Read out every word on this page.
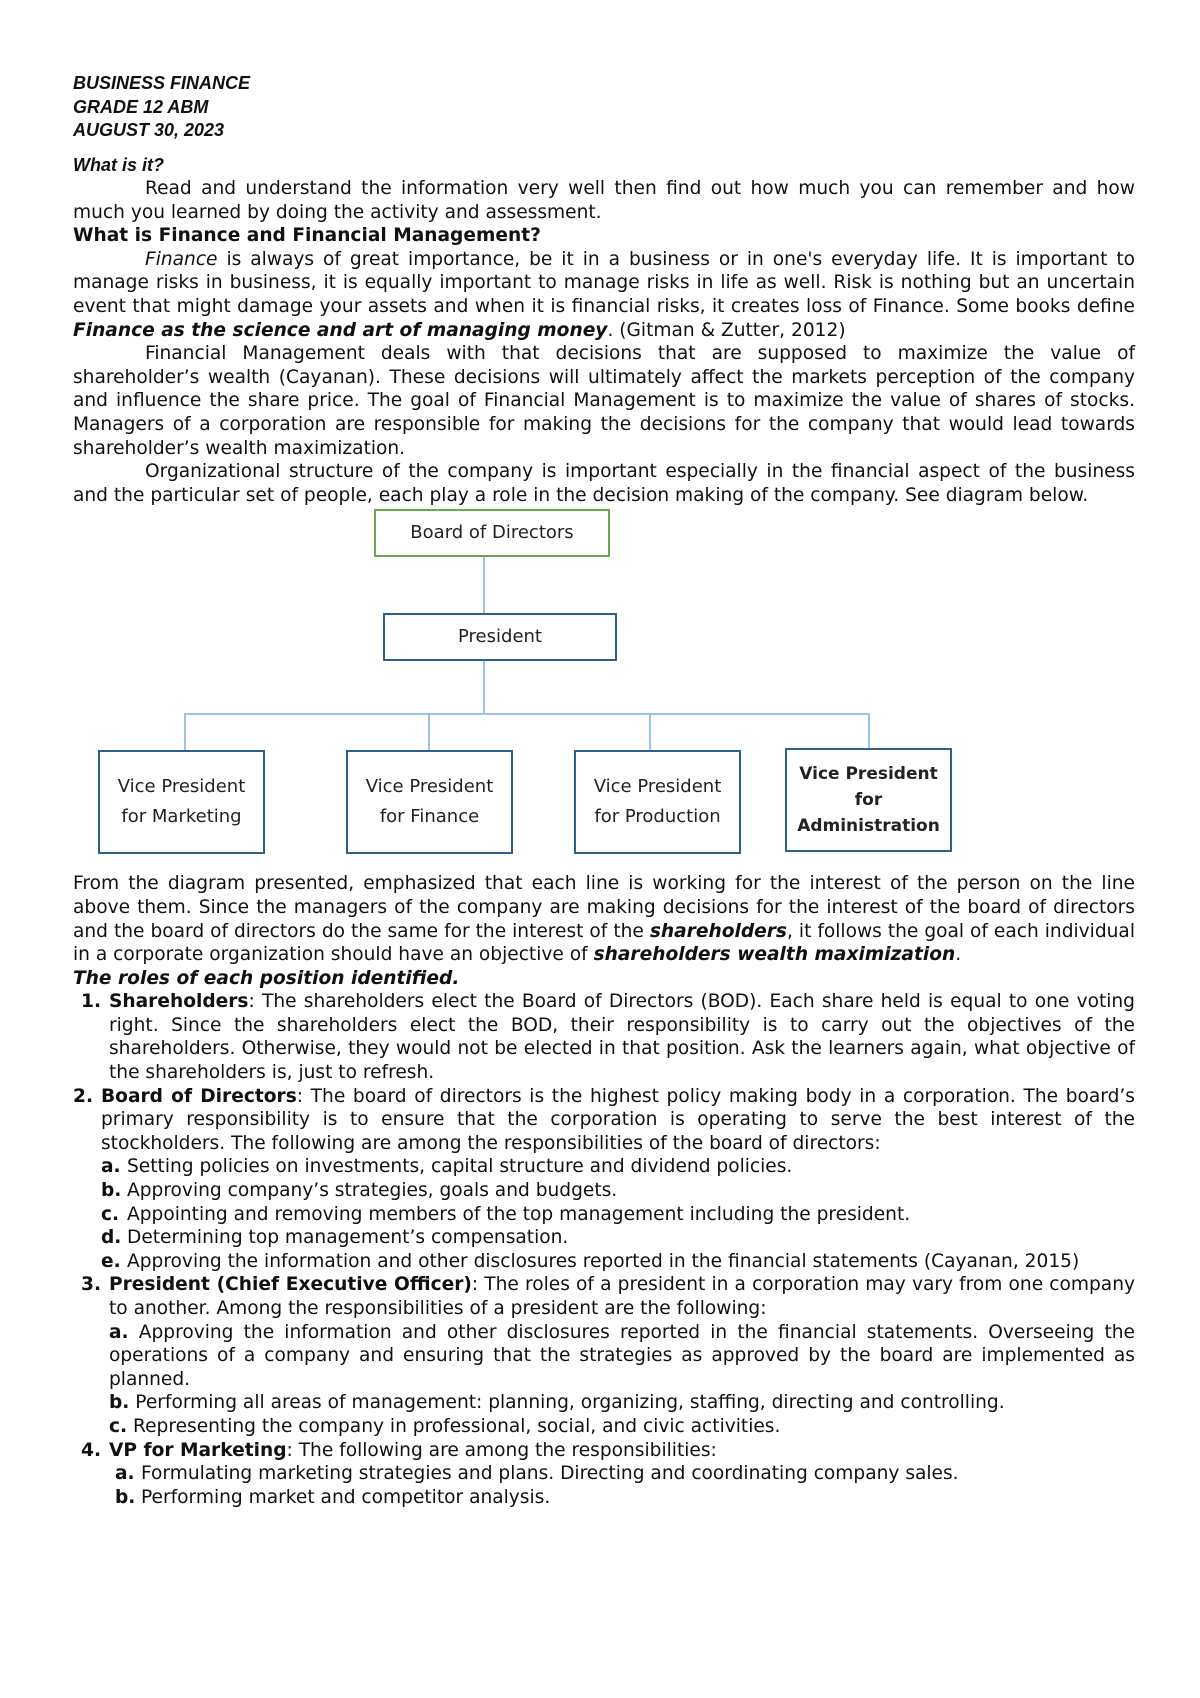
BUSINESS FINANCE
GRADE 12 ABM
AUGUST 30, 2023
What is it?

Read and understand the information very well then find out how much you can remember and how much you learned by doing the activity and assessment.

What is Finance and Financial Management?

Finance is always of great importance, be it in a business or in one's everyday life. It is important to manage risks in business, it is equally important to manage risks in life as well. Risk is nothing but an uncertain event that might damage your assets and when it is financial risks, it creates loss of Finance. Some books define Finance as the science and art of managing money. (Gitman & Zutter, 2012)

Financial Management deals with that decisions that are supposed to maximize the value of shareholder’s wealth (Cayanan). These decisions will ultimately affect the markets perception of the company and influence the share price. The goal of Financial Management is to maximize the value of shares of stocks. Managers of a corporation are responsible for making the decisions for the company that would lead towards shareholder’s wealth maximization.

Organizational structure of the company is important especially in the financial aspect of the business and the particular set of people, each play a role in the decision making of the company. See diagram below.

Board of Directors
President
Vice President for Marketing
Vice President for Finance
Vice President for Production
Vice President for Administration

From the diagram presented, emphasized that each line is working for the interest of the person on the line above them. Since the managers of the company are making decisions for the interest of the board of directors and the board of directors do the same for the interest of the shareholders, it follows the goal of each individual in a corporate organization should have an objective of shareholders wealth maximization.

The roles of each position identified.

1. Shareholders: The shareholders elect the Board of Directors (BOD). Each share held is equal to one voting right. Since the shareholders elect the BOD, their responsibility is to carry out the objectives of the shareholders. Otherwise, they would not be elected in that position. Ask the learners again, what objective of the shareholders is, just to refresh.
2. Board of Directors: The board of directors is the highest policy making body in a corporation. The board’s primary responsibility is to ensure that the corporation is operating to serve the best interest of the stockholders. The following are among the responsibilities of the board of directors:
a. Setting policies on investments, capital structure and dividend policies.
b. Approving company’s strategies, goals and budgets.
c. Appointing and removing members of the top management including the president.
d. Determining top management’s compensation.
e. Approving the information and other disclosures reported in the financial statements (Cayanan, 2015)
3. President (Chief Executive Officer): The roles of a president in a corporation may vary from one company to another. Among the responsibilities of a president are the following:
a. Approving the information and other disclosures reported in the financial statements. Overseeing the operations of a company and ensuring that the strategies as approved by the board are implemented as planned.
b. Performing all areas of management: planning, organizing, staffing, directing and controlling.
c. Representing the company in professional, social, and civic activities.
4. VP for Marketing: The following are among the responsibilities:
a. Formulating marketing strategies and plans. Directing and coordinating company sales.
b. Performing market and competitor analysis.
